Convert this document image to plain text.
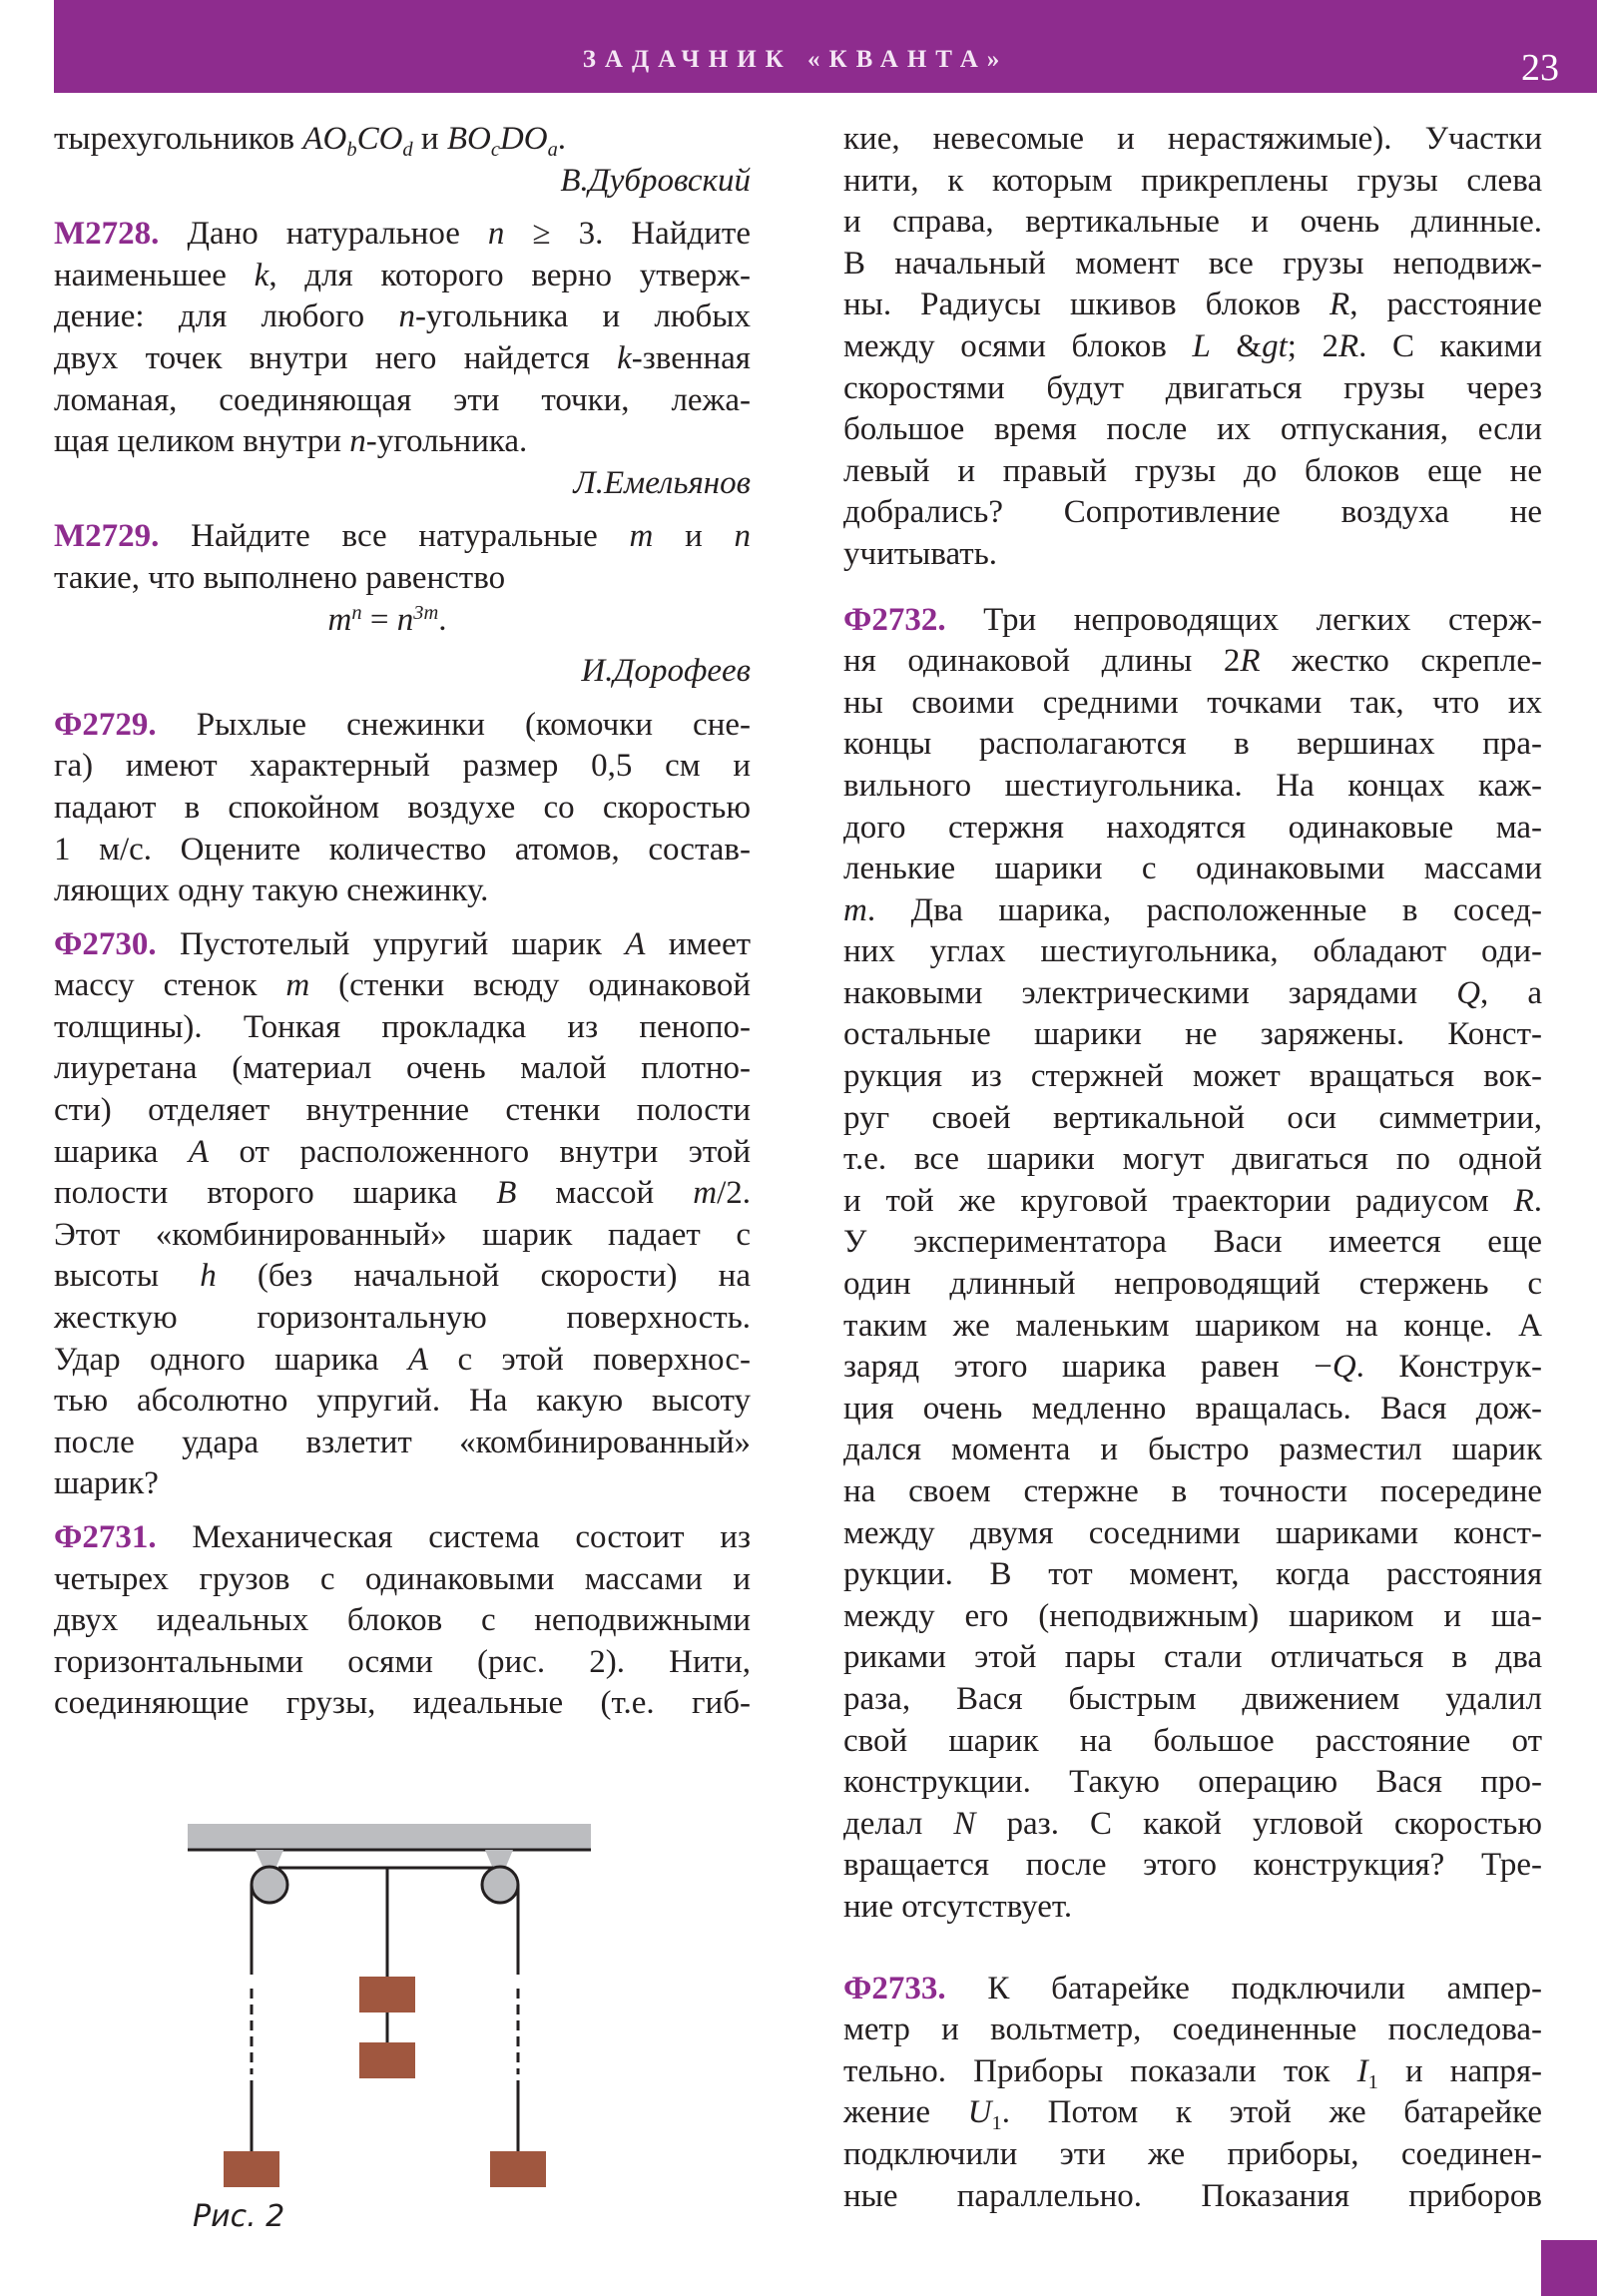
ЗАДАЧНИК «КВАНТА»	23
тырехугольников $AO_bCO_d$ и $BO_cDO_a$.
В.Дубровский
М2728. Дано натуральное n ≥ 3. Найдите
наименьшее k, для которого верно утверж-
дение: для любого n-угольника и любых
двух точек внутри него найдется k-звенная
ломаная, соединяющая эти точки, лежа-
щая целиком внутри n-угольника.
Л.Емельянов
М2729. Найдите все натуральные m и n
такие, что выполнено равенство
$m^n = n^{3m}$.
И.Дорофеев
Ф2729. Рыхлые снежинки (комочки сне-
га) имеют характерный размер 0,5 см и
падают в спокойном воздухе со скоростью
1 м/с. Оцените количество атомов, состав-
ляющих одну такую снежинку.
Ф2730. Пустотелый упругий шарик A имеет
массу стенок m (стенки всюду одинаковой
толщины). Тонкая прокладка из пенопо-
лиуретана (материал очень малой плотно-
сти) отделяет внутренние стенки полости
шарика A от расположенного внутри этой
полости второго шарика B массой m/2.
Этот «комбинированный» шарик падает с
высоты h (без начальной скорости) на
жесткую горизонтальную поверхность.
Удар одного шарика A с этой поверхнос-
тью абсолютно упругий. На какую высоту
после удара взлетит «комбинированный»
шарик?
Ф2731. Механическая система состоит из
четырех грузов с одинаковыми массами и
двух идеальных блоков с неподвижными
горизонтальными осями (рис. 2). Нити,
соединяющие грузы, идеальные (т.е. гиб-
Рис. 2
кие, невесомые и нерастяжимые). Участки
нити, к которым прикреплены грузы слева
и справа, вертикальные и очень длинные.
В начальный момент все грузы неподвиж-
ны. Радиусы шкивов блоков R, расстояние
между осями блоков L &gt; 2R. С какими
скоростями будут двигаться грузы через
большое время после их отпускания, если
левый и правый грузы до блоков еще не
добрались? Сопротивление воздуха не
учитывать.
Ф2732. Три непроводящих легких стерж-
ня одинаковой длины 2R жестко скрепле-
ны своими средними точками так, что их
концы располагаются в вершинах пра-
вильного шестиугольника. На концах каж-
дого стержня находятся одинаковые ма-
ленькие шарики с одинаковыми массами
m. Два шарика, расположенные в сосед-
них углах шестиугольника, обладают оди-
наковыми электрическими зарядами Q, а
остальные шарики не заряжены. Конст-
рукция из стержней может вращаться вок-
руг своей вертикальной оси симметрии,
т.е. все шарики могут двигаться по одной
и той же круговой траектории радиусом R.
У экспериментатора Васи имеется еще
один длинный непроводящий стержень с
таким же маленьким шариком на конце. А
заряд этого шарика равен −Q. Конструк-
ция очень медленно вращалась. Вася дож-
дался момента и быстро разместил шарик
на своем стержне в точности посередине
между двумя соседними шариками конст-
рукции. В тот момент, когда расстояния
между его (неподвижным) шариком и ша-
риками этой пары стали отличаться в два
раза, Вася быстрым движением удалил
свой шарик на большое расстояние от
конструкции. Такую операцию Вася про-
делал N раз. С какой угловой скоростью
вращается после этого конструкция? Тре-
ние отсутствует.
Ф2733. К батарейке подключили ампер-
метр и вольтметр, соединенные последова-
тельно. Приборы показали ток $I_1$ и напря-
жение $U_1$. Потом к этой же батарейке
подключили эти же приборы, соединен-
ные параллельно. Показания приборов
